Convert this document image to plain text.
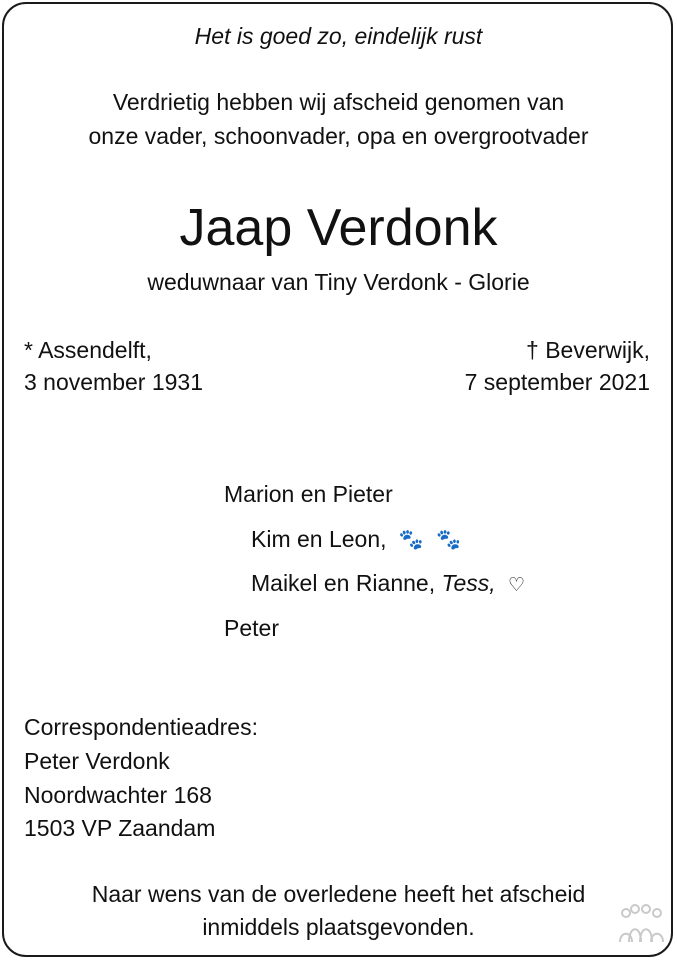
Het is goed zo, eindelijk rust
Verdrietig hebben wij afscheid genomen van
onze vader, schoonvader, opa en overgrootvader
Jaap Verdonk
weduwnaar van Tiny Verdonk - Glorie
* Assendelft,
3 november 1931
† Beverwijk,
7 september 2021
Marion en Pieter
Kim en Leon, 🐾 🐾
Maikel en Rianne, Tess, ♡
Peter
Correspondentieadres:
Peter Verdonk
Noordwachter 168
1503 VP Zaandam
Naar wens van de overledene heeft het afscheid
inmiddels plaatsgevonden.
